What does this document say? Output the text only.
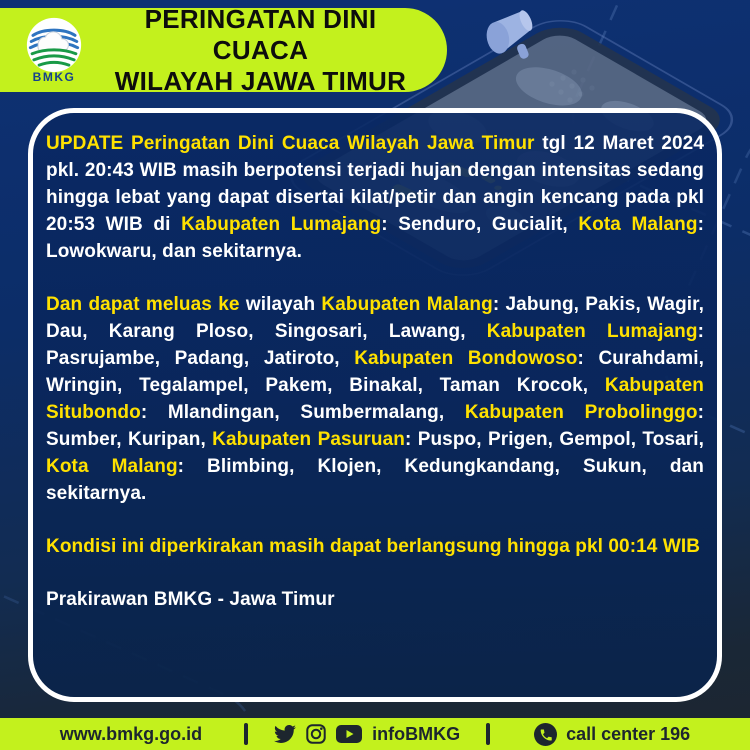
BMKG
PERINGATAN DINI CUACA
WILAYAH JAWA TIMUR

UPDATE Peringatan Dini Cuaca Wilayah Jawa Timur tgl 12 Maret 2024 pkl. 20:43 WIB masih berpotensi terjadi hujan dengan intensitas sedang hingga lebat yang dapat disertai kilat/petir dan angin kencang pada pkl 20:53 WIB di Kabupaten Lumajang: Senduro, Gucialit, Kota Malang: Lowokwaru, dan sekitarnya.

Dan dapat meluas ke wilayah Kabupaten Malang: Jabung, Pakis, Wagir, Dau, Karang Ploso, Singosari, Lawang, Kabupaten Lumajang: Pasrujambe, Padang, Jatiroto, Kabupaten Bondowoso: Curahdami, Wringin, Tegalampel, Pakem, Binakal, Taman Krocok, Kabupaten Situbondo: Mlandingan, Sumbermalang, Kabupaten Probolinggo: Sumber, Kuripan, Kabupaten Pasuruan: Puspo, Prigen, Gempol, Tosari, Kota Malang: Blimbing, Klojen, Kedungkandang, Sukun, dan sekitarnya.

Kondisi ini diperkirakan masih dapat berlangsung hingga pkl 00:14 WIB

Prakirawan BMKG - Jawa Timur

www.bmkg.go.id	infoBMKG	call center 196
